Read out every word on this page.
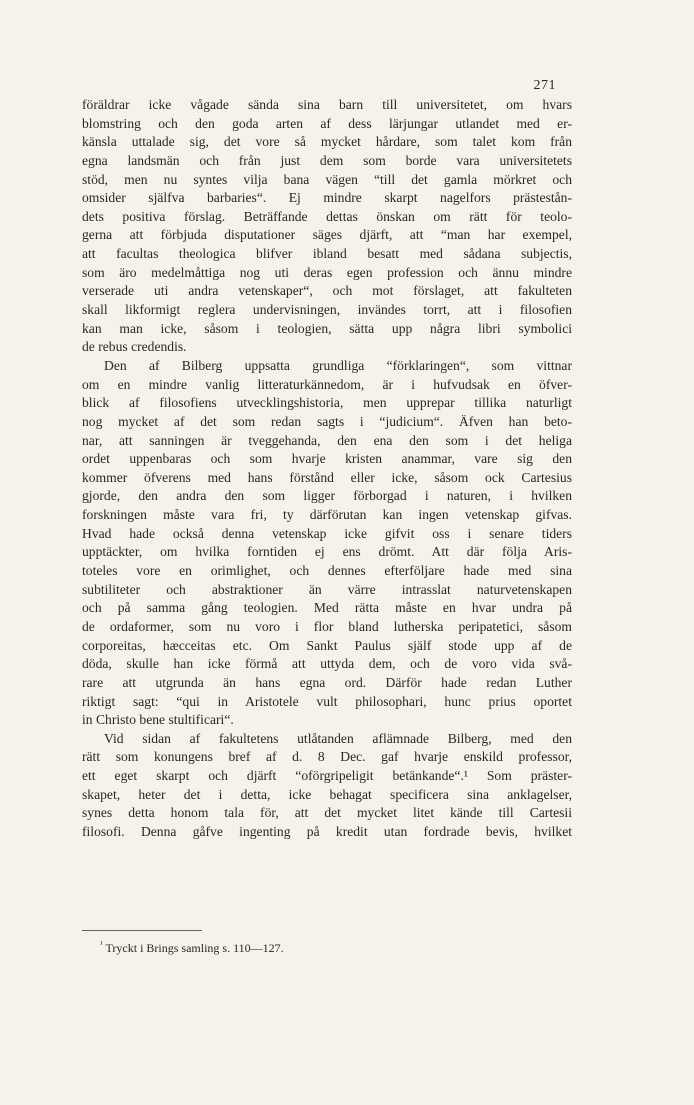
271
föräldrar icke vågade sända sina barn till universitetet, om hvars
blomstring och den goda arten af dess lärjungar utlandet med er-
känsla uttalade sig, det vore så mycket hårdare, som talet kom från
egna landsmän och från just dem som borde vara universitetets
stöd, men nu syntes vilja bana vägen “till det gamla mörkret och
omsider själfva barbaries“. Ej mindre skarpt nagelfors prästestån-
dets positiva förslag. Beträffande dettas önskan om rätt för teolo-
gerna att förbjuda disputationer säges djärft, att “man har exempel,
att facultas theologica blifver ibland besatt med sådana subjectis,
som äro medelmåttiga nog uti deras egen profession och ännu mindre
verserade uti andra vetenskaper“, och mot förslaget, att fakulteten
skall likformigt reglera undervisningen, invändes torrt, att i filosofien
kan man icke, såsom i teologien, sätta upp några libri symbolici
de rebus credendis.
Den af Bilberg uppsatta grundliga “förklaringen“, som vittnar
om en mindre vanlig litteraturkännedom, är i hufvudsak en öfver-
blick af filosofiens utvecklingshistoria, men upprepar tillika naturligt
nog mycket af det som redan sagts i “judicium“. Äfven han beto-
nar, att sanningen är tveggehanda, den ena den som i det heliga
ordet uppenbaras och som hvarje kristen anammar, vare sig den
kommer öfverens med hans förstånd eller icke, såsom ock Cartesius
gjorde, den andra den som ligger förborgad i naturen, i hvilken
forskningen måste vara fri, ty därförutan kan ingen vetenskap gifvas.
Hvad hade också denna vetenskap icke gifvit oss i senare tiders
upptäckter, om hvilka forntiden ej ens drömt. Att där följa Aris-
toteles vore en orimlighet, och dennes efterföljare hade med sina
subtiliteter och abstraktioner än värre intrasslat naturvetenskapen
och på samma gång teologien. Med rätta måste en hvar undra på
de ordaformer, som nu voro i flor bland lutherska peripatetici, såsom
corporeitas, hæcceitas etc. Om Sankt Paulus själf stode upp af de
döda, skulle han icke förmå att uttyda dem, och de voro vida svå-
rare att utgrunda än hans egna ord. Därför hade redan Luther
riktigt sagt: “qui in Aristotele vult philosophari, hunc prius oportet
in Christo bene stultificari“.
Vid sidan af fakultetens utlåtanden aflämnade Bilberg, med den
rätt som konungens bref af d. 8 Dec. gaf hvarje enskild professor,
ett eget skarpt och djärft “oförgripeligit betänkande“.¹ Som präster-
skapet, heter det i detta, icke behagat specificera sina anklagelser,
synes detta honom tala för, att det mycket litet kände till Cartesii
filosofi. Denna gåfve ingenting på kredit utan fordrade bevis, hvilket
$^{^1}$ Tryckt i Brings samling s. 110—127.
